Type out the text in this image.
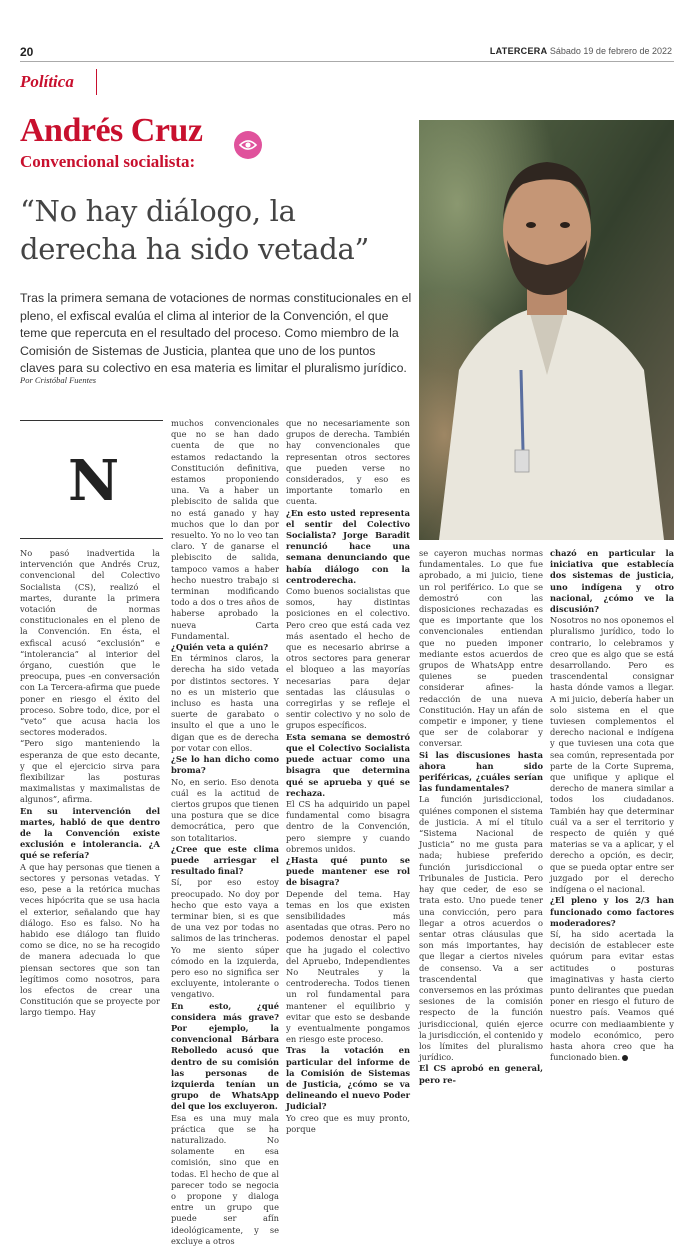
20	LATERCERA Sábado 19 de febrero de 2022
Política
Andrés Cruz
Convencional socialista:
“No hay diálogo, la derecha ha sido vetada”

Tras la primera semana de votaciones de normas constitucionales en el pleno, el exfiscal evalúa el clima al interior de la Convención, el que teme que repercuta en el resultado del proceso. Como miembro de la Comisión de Sistemas de Justicia, plantea que uno de los puntos claves para su colectivo en esa materia es limitar el pluralismo jurídico.

Por Cristóbal Fuentes
N

No pasó inadvertida la intervención que Andrés Cruz, convencional del Colectivo Socialista (CS), realizó el martes, durante la primera votación de normas constitucionales en el pleno de la Convención. En ésta, el exfiscal acusó “exclusión” e “intolerancia” al interior del órgano, cuestión que le preocupa, pues -en conversación con La Tercera-afirma que puede poner en riesgo el éxito del proceso. Sobre todo, dice, por el “veto” que acusa hacia los sectores moderados.

“Pero sigo manteniendo la esperanza de que esto decante, y que el ejercicio sirva para flexibilizar las posturas maximalistas y maximalistas de algunos”, afirma.

En su intervención del martes, habló de que dentro de la Convención existe exclusión e intolerancia. ¿A qué se refería?

A que hay personas que tienen a sectores y personas vetadas. Y eso, pese a la retórica muchas veces hipócrita que se usa hacia el exterior, señalando que hay diálogo. Eso es falso. No ha habido ese diálogo tan fluido como se dice, no se ha recogido de manera adecuada lo que piensan sectores que son tan legítimos como nosotros, para los efectos de crear una Constitución que se proyecte por largo tiempo. Hay

muchos convencionales que no se han dado cuenta de que no estamos redactando la Constitución definitiva, estamos proponiendo una. Va a haber un plebiscito de salida que no está ganado y hay muchos que lo dan por resuelto. Yo no lo veo tan claro. Y de ganarse el plebiscito de salida, tampoco vamos a haber hecho nuestro trabajo si terminan modificando todo a dos o tres años de haberse aprobado la nueva Carta Fundamental.

¿Quién veta a quién?

En términos claros, la derecha ha sido vetada por distintos sectores. Y no es un misterio que incluso es hasta una suerte de garabato o insulto el que a uno le digan que es de derecha por votar con ellos.

¿Se lo han dicho como broma?

No, en serio. Eso denota cuál es la actitud de ciertos grupos que tienen una postura que se dice democrática, pero que son totalitarios.

¿Cree que este clima puede arriesgar el resultado final?

Sí, por eso estoy preocupado. No doy por hecho que esto vaya a terminar bien, si es que de una vez por todas no salimos de las trincheras. Yo me siento súper cómodo en la izquierda, pero eso no significa ser excluyente, intolerante o vengativo.

En esto, ¿qué considera más grave? Por ejemplo, la convencional Bárbara Rebolledo acusó que dentro de su comisión las personas de izquierda tenían un grupo de WhatsApp del que los excluyeron.

Esa es una muy mala práctica que se ha naturalizado. No solamente en esa comisión, sino que en todas. El hecho de que al parecer todo se negocia o propone y dialoga entre un grupo que puede ser afín ideológicamente, y se excluye a otros

que no necesariamente son grupos de derecha. También hay convencionales que representan otros sectores que pueden verse no considerados, y eso es importante tomarlo en cuenta.

¿En esto usted representa el sentir del Colectivo Socialista? Jorge Baradit renunció hace una semana denunciando que había diálogo con la centroderecha.

Como buenos socialistas que somos, hay distintas posiciones en el colectivo. Pero creo que está cada vez más asentado el hecho de que es necesario abrirse a otros sectores para generar el bloqueo a las mayorías necesarias para dejar sentadas las cláusulas o corregirlas y se refleje el sentir colectivo y no solo de grupos específicos.

Esta semana se demostró que el Colectivo Socialista puede actuar como una bisagra que determina qué se aprueba y qué se rechaza.

El CS ha adquirido un papel fundamental como bisagra dentro de la Convención, pero siempre y cuando obremos unidos.

¿Hasta qué punto se puede mantener ese rol de bisagra?

Depende del tema. Hay temas en los que existen sensibilidades más asentadas que otras. Pero no podemos denostar el papel que ha jugado el colectivo del Apruebo, Independientes No Neutrales y la centroderecha. Todos tienen un rol fundamental para mantener el equilibrio y evitar que esto se desbande y eventualmente pongamos en riesgo este proceso.

Tras la votación en particular del informe de la Comisión de Sistemas de Justicia, ¿cómo se va delineando el nuevo Poder Judicial?

Yo creo que es muy pronto, porque

se cayeron muchas normas fundamentales. Lo que fue aprobado, a mi juicio, tiene un rol periférico. Lo que se demostró con las disposiciones rechazadas es que es importante que los convencionales entiendan que no pueden imponer mediante estos acuerdos de grupos de WhatsApp entre quienes se pueden considerar afines- la redacción de una nueva Constitución. Hay un afán de competir e imponer, y tiene que ser de colaborar y conversar.

Si las discusiones hasta ahora han sido periféricas, ¿cuáles serían las fundamentales?

La función jurisdiccional, quiénes componen el sistema de justicia. A mí el título “Sistema Nacional de Justicia” no me gusta para nada; hubiese preferido función jurisdiccional o Tribunales de Justicia. Pero hay que ceder, de eso se trata esto. Uno puede tener una convicción, pero para llegar a otros acuerdos o sentar otras cláusulas que son más importantes, hay que llegar a ciertos niveles de consenso. Va a ser trascendental que conversemos en las próximas sesiones de la comisión respecto de la función jurisdiccional, quién ejerce la jurisdicción, el contenido y los límites del pluralismo jurídico.

El CS aprobó en general, pero re-

chazó en particular la iniciativa que establecía dos sistemas de justicia, uno indígena y otro nacional, ¿cómo ve la discusión?

Nosotros no nos oponemos el pluralismo jurídico, todo lo contrario, lo celebramos y creo que es algo que se está desarrollando. Pero es trascendental consignar hasta dónde vamos a llegar. A mi juicio, debería haber un solo sistema en el que tuviesen complementos el derecho nacional e indígena y que tuviesen una cota que sea común, representada por parte de la Corte Suprema, que unifique y aplique el derecho de manera similar a todos los ciudadanos. También hay que determinar cuál va a ser el territorio y respecto de quién y qué materias se va a aplicar, y el derecho a opción, es decir, que se pueda optar entre ser juzgado por el derecho indígena o el nacional.

¿El pleno y los 2/3 han funcionado como factores moderadores?

Sí, ha sido acertada la decisión de establecer este quórum para evitar estas actitudes o posturas imaginativas y hasta cierto punto delirantes que puedan poner en riesgo el futuro de nuestro país. Veamos qué ocurre con mediaambiente y modelo económico, pero hasta ahora creo que ha funcionado bien.
